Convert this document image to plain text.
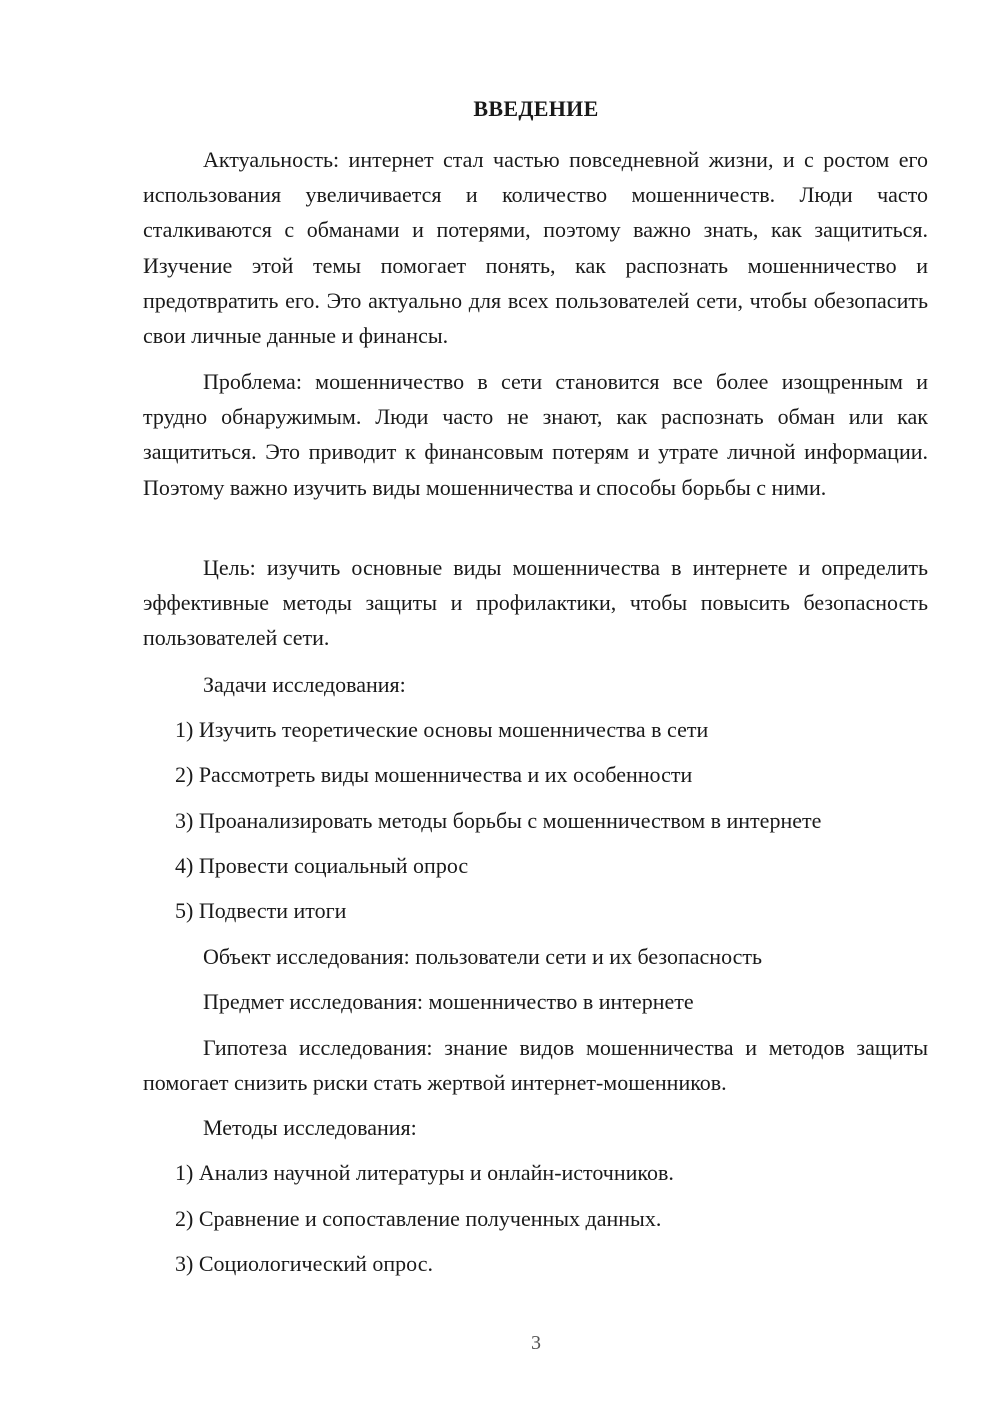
ВВЕДЕНИЕ
Актуальность: интернет стал частью повседневной жизни, и с ростом его использования увеличивается и количество мошенничеств. Люди часто сталкиваются с обманами и потерями, поэтому важно знать, как защититься. Изучение этой темы помогает понять, как распознать мошенничество и предотвратить его. Это актуально для всех пользователей сети, чтобы обезопасить свои личные данные и финансы.
Проблема: мошенничество в сети становится все более изощренным и трудно обнаружимым. Люди часто не знают, как распознать обман или как защититься. Это приводит к финансовым потерям и утрате личной информации. Поэтому важно изучить виды мошенничества и способы борьбы с ними.
Цель: изучить основные виды мошенничества в интернете и определить эффективные методы защиты и профилактики, чтобы повысить безопасность пользователей сети.
Задачи исследования:
1) Изучить теоретические основы мошенничества в сети
2) Рассмотреть виды мошенничества и их особенности
3) Проанализировать методы борьбы с мошенничеством в интернете
4) Провести социальный опрос
5) Подвести итоги
Объект исследования: пользователи сети и их безопасность
Предмет исследования: мошенничество в интернете
Гипотеза исследования: знание видов мошенничества и методов защиты помогает снизить риски стать жертвой интернет-мошенников.
Методы исследования:
1) Анализ научной литературы и онлайн-источников.
2) Сравнение и сопоставление полученных данных.
3) Социологический опрос.
3
